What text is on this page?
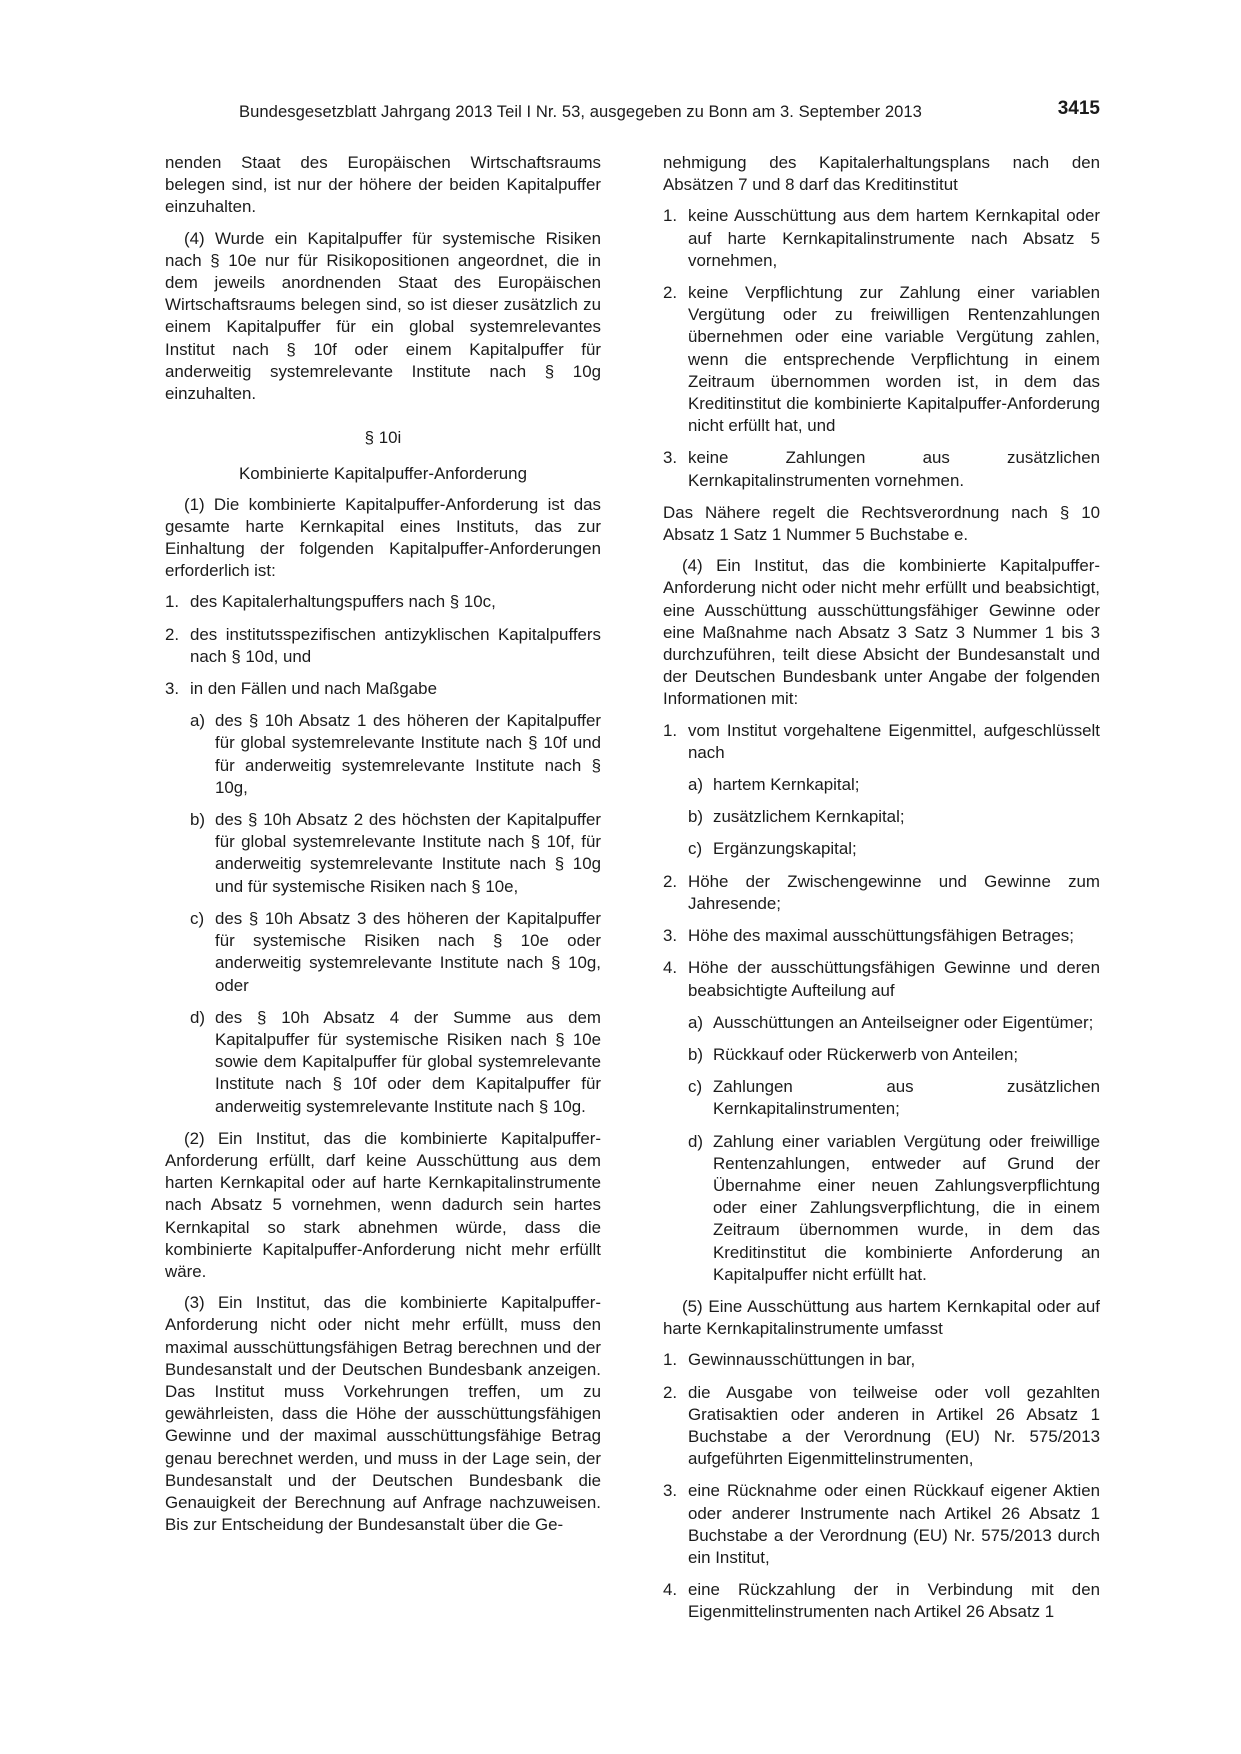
Bundesgesetzblatt Jahrgang 2013 Teil I Nr. 53, ausgegeben zu Bonn am 3. September 2013	3415

nenden Staat des Europäischen Wirtschaftsraums belegen sind, ist nur der höhere der beiden Kapitalpuffer einzuhalten.

(4) Wurde ein Kapitalpuffer für systemische Risiken nach § 10e nur für Risikopositionen angeordnet, die in dem jeweils anordnenden Staat des Europäischen Wirtschaftsraums belegen sind, so ist dieser zusätzlich zu einem Kapitalpuffer für ein global systemrelevantes Institut nach § 10f oder einem Kapitalpuffer für anderweitig systemrelevante Institute nach § 10g einzuhalten.

§ 10i

Kombinierte Kapitalpuffer-Anforderung

(1) Die kombinierte Kapitalpuffer-Anforderung ist das gesamte harte Kernkapital eines Instituts, das zur Einhaltung der folgenden Kapitalpuffer-Anforderungen erforderlich ist:

1. des Kapitalerhaltungspuffers nach § 10c,
2. des institutsspezifischen antizyklischen Kapitalpuffers nach § 10d, und
3. in den Fällen und nach Maßgabe
a) des § 10h Absatz 1 des höheren der Kapitalpuffer für global systemrelevante Institute nach § 10f und für anderweitig systemrelevante Institute nach § 10g,
b) des § 10h Absatz 2 des höchsten der Kapitalpuffer für global systemrelevante Institute nach § 10f, für anderweitig systemrelevante Institute nach § 10g und für systemische Risiken nach § 10e,
c) des § 10h Absatz 3 des höheren der Kapitalpuffer für systemische Risiken nach § 10e oder anderweitig systemrelevante Institute nach § 10g, oder
d) des § 10h Absatz 4 der Summe aus dem Kapitalpuffer für systemische Risiken nach § 10e sowie dem Kapitalpuffer für global systemrelevante Institute nach § 10f oder dem Kapitalpuffer für anderweitig systemrelevante Institute nach § 10g.

(2) Ein Institut, das die kombinierte Kapitalpuffer-Anforderung erfüllt, darf keine Ausschüttung aus dem harten Kernkapital oder auf harte Kernkapitalinstrumente nach Absatz 5 vornehmen, wenn dadurch sein hartes Kernkapital so stark abnehmen würde, dass die kombinierte Kapitalpuffer-Anforderung nicht mehr erfüllt wäre.

(3) Ein Institut, das die kombinierte Kapitalpuffer-Anforderung nicht oder nicht mehr erfüllt, muss den maximal ausschüttungsfähigen Betrag berechnen und der Bundesanstalt und der Deutschen Bundesbank anzeigen. Das Institut muss Vorkehrungen treffen, um zu gewährleisten, dass die Höhe der ausschüttungsfähigen Gewinne und der maximal ausschüttungsfähige Betrag genau berechnet werden, und muss in der Lage sein, der Bundesanstalt und der Deutschen Bundesbank die Genauigkeit der Berechnung auf Anfrage nachzuweisen. Bis zur Entscheidung der Bundesanstalt über die Ge-

nehmigung des Kapitalerhaltungsplans nach den Absätzen 7 und 8 darf das Kreditinstitut

1. keine Ausschüttung aus dem hartem Kernkapital oder auf harte Kernkapitalinstrumente nach Absatz 5 vornehmen,
2. keine Verpflichtung zur Zahlung einer variablen Vergütung oder zu freiwilligen Rentenzahlungen übernehmen oder eine variable Vergütung zahlen, wenn die entsprechende Verpflichtung in einem Zeitraum übernommen worden ist, in dem das Kreditinstitut die kombinierte Kapitalpuffer-Anforderung nicht erfüllt hat, und
3. keine Zahlungen aus zusätzlichen Kernkapitalinstrumenten vornehmen.

Das Nähere regelt die Rechtsverordnung nach § 10 Absatz 1 Satz 1 Nummer 5 Buchstabe e.

(4) Ein Institut, das die kombinierte Kapitalpuffer-Anforderung nicht oder nicht mehr erfüllt und beabsichtigt, eine Ausschüttung ausschüttungsfähiger Gewinne oder eine Maßnahme nach Absatz 3 Satz 3 Nummer 1 bis 3 durchzuführen, teilt diese Absicht der Bundesanstalt und der Deutschen Bundesbank unter Angabe der folgenden Informationen mit:

1. vom Institut vorgehaltene Eigenmittel, aufgeschlüsselt nach
a) hartem Kernkapital;
b) zusätzlichem Kernkapital;
c) Ergänzungskapital;
2. Höhe der Zwischengewinne und Gewinne zum Jahresende;
3. Höhe des maximal ausschüttungsfähigen Betrages;
4. Höhe der ausschüttungsfähigen Gewinne und deren beabsichtigte Aufteilung auf
a) Ausschüttungen an Anteilseigner oder Eigentümer;
b) Rückkauf oder Rückerwerb von Anteilen;
c) Zahlungen aus zusätzlichen Kernkapitalinstrumenten;
d) Zahlung einer variablen Vergütung oder freiwillige Rentenzahlungen, entweder auf Grund der Übernahme einer neuen Zahlungsverpflichtung oder einer Zahlungsverpflichtung, die in einem Zeitraum übernommen wurde, in dem das Kreditinstitut die kombinierte Anforderung an Kapitalpuffer nicht erfüllt hat.

(5) Eine Ausschüttung aus hartem Kernkapital oder auf harte Kernkapitalinstrumente umfasst

1. Gewinnausschüttungen in bar,
2. die Ausgabe von teilweise oder voll gezahlten Gratisaktien oder anderen in Artikel 26 Absatz 1 Buchstabe a der Verordnung (EU) Nr. 575/2013 aufgeführten Eigenmittelinstrumenten,
3. eine Rücknahme oder einen Rückkauf eigener Aktien oder anderer Instrumente nach Artikel 26 Absatz 1 Buchstabe a der Verordnung (EU) Nr. 575/2013 durch ein Institut,
4. eine Rückzahlung der in Verbindung mit den Eigenmittelinstrumenten nach Artikel 26 Absatz 1
